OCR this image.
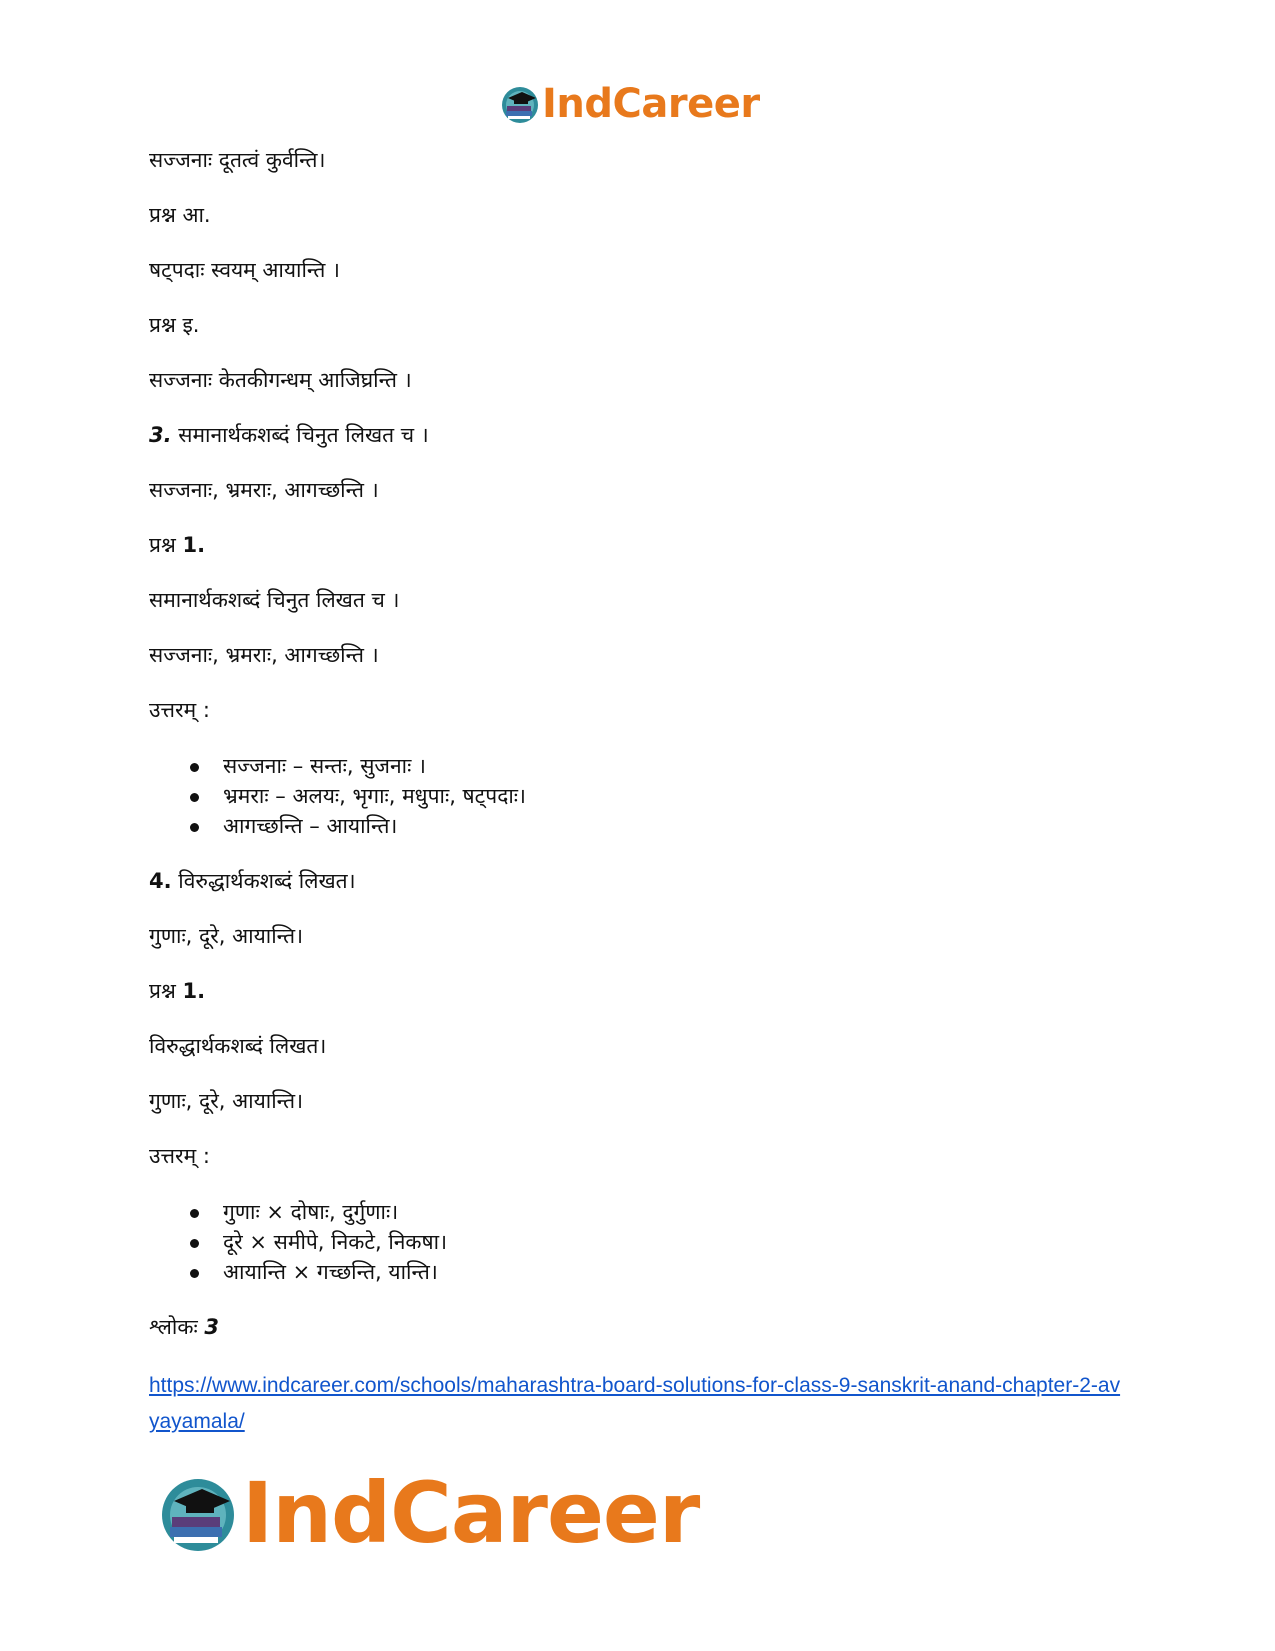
IndCareer

सज्जनाः दूतत्वं कुर्वन्ति।

प्रश्न आ.

षट्पदाः स्वयम् आयान्ति ।

प्रश्न इ.

सज्जनाः केतकीगन्धम् आजिघ्रन्ति ।

3. समानार्थकशब्दं चिनुत लिखत च ।

सज्जनाः, भ्रमराः, आगच्छन्ति ।

प्रश्न 1.

समानार्थकशब्दं चिनुत लिखत च ।

सज्जनाः, भ्रमराः, आगच्छन्ति ।

उत्तरम् :

सज्जनाः – सन्तः, सुजनाः ।
भ्रमराः – अलयः, भृगाः, मधुपाः, षट्पदाः।
आगच्छन्ति – आयान्ति।

4. विरुद्धार्थकशब्दं लिखत।

गुणाः, दूरे, आयान्ति।

प्रश्न 1.

विरुद्धार्थकशब्दं लिखत।

गुणाः, दूरे, आयान्ति।

उत्तरम् :

गुणाः × दोषाः, दुर्गुणाः।
दूरे × समीपे, निकटे, निकषा।
आयान्ति × गच्छन्ति, यान्ति।

श्लोकः 3

https://www.indcareer.com/schools/maharashtra-board-solutions-for-class-9-sanskrit-anand-chapter-2-avyayamala/
IndCareer
